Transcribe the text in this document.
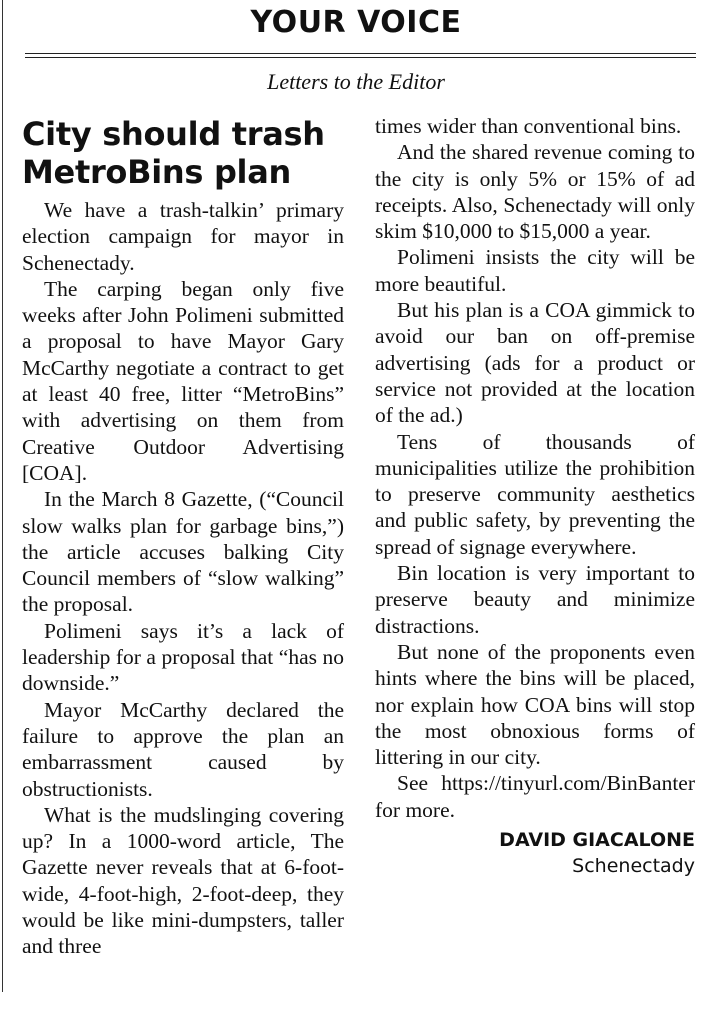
YOUR VOICE
Letters to the Editor
City should trash MetroBins plan

We have a trash-talkin’ primary election campaign for mayor in Schenectady.

The carping began only five weeks after John Polimeni submitted a proposal to have Mayor Gary McCarthy negotiate a contract to get at least 40 free, litter “MetroBins” with advertising on them from Creative Outdoor Advertising [COA].

In the March 8 Gazette, (“Council slow walks plan for garbage bins,”) the article accuses balking City Council members of “slow walking” the proposal.

Polimeni says it’s a lack of leadership for a proposal that “has no downside.”

Mayor McCarthy declared the failure to approve the plan an embarrassment caused by obstructionists.

What is the mudslinging covering up? In a 1000-word article, The Gazette never reveals that at 6-foot-wide, 4-foot-high, 2-foot-deep, they would be like mini-dumpsters, taller and three

times wider than conventional bins.

And the shared revenue coming to the city is only 5% or 15% of ad receipts. Also, Schenectady will only skim $10,000 to $15,000 a year.

Polimeni insists the city will be more beautiful.

But his plan is a COA gimmick to avoid our ban on off-premise advertising (ads for a product or service not provided at the location of the ad.)

Tens of thousands of municipalities utilize the prohibition to preserve community aesthetics and public safety, by preventing the spread of signage everywhere.

Bin location is very important to preserve beauty and minimize distractions.

But none of the proponents even hints where the bins will be placed, nor explain how COA bins will stop the most obnoxious forms of littering in our city.

See https://tinyurl.com/BinBanter for more.

DAVID GIACALONE
Schenectady
